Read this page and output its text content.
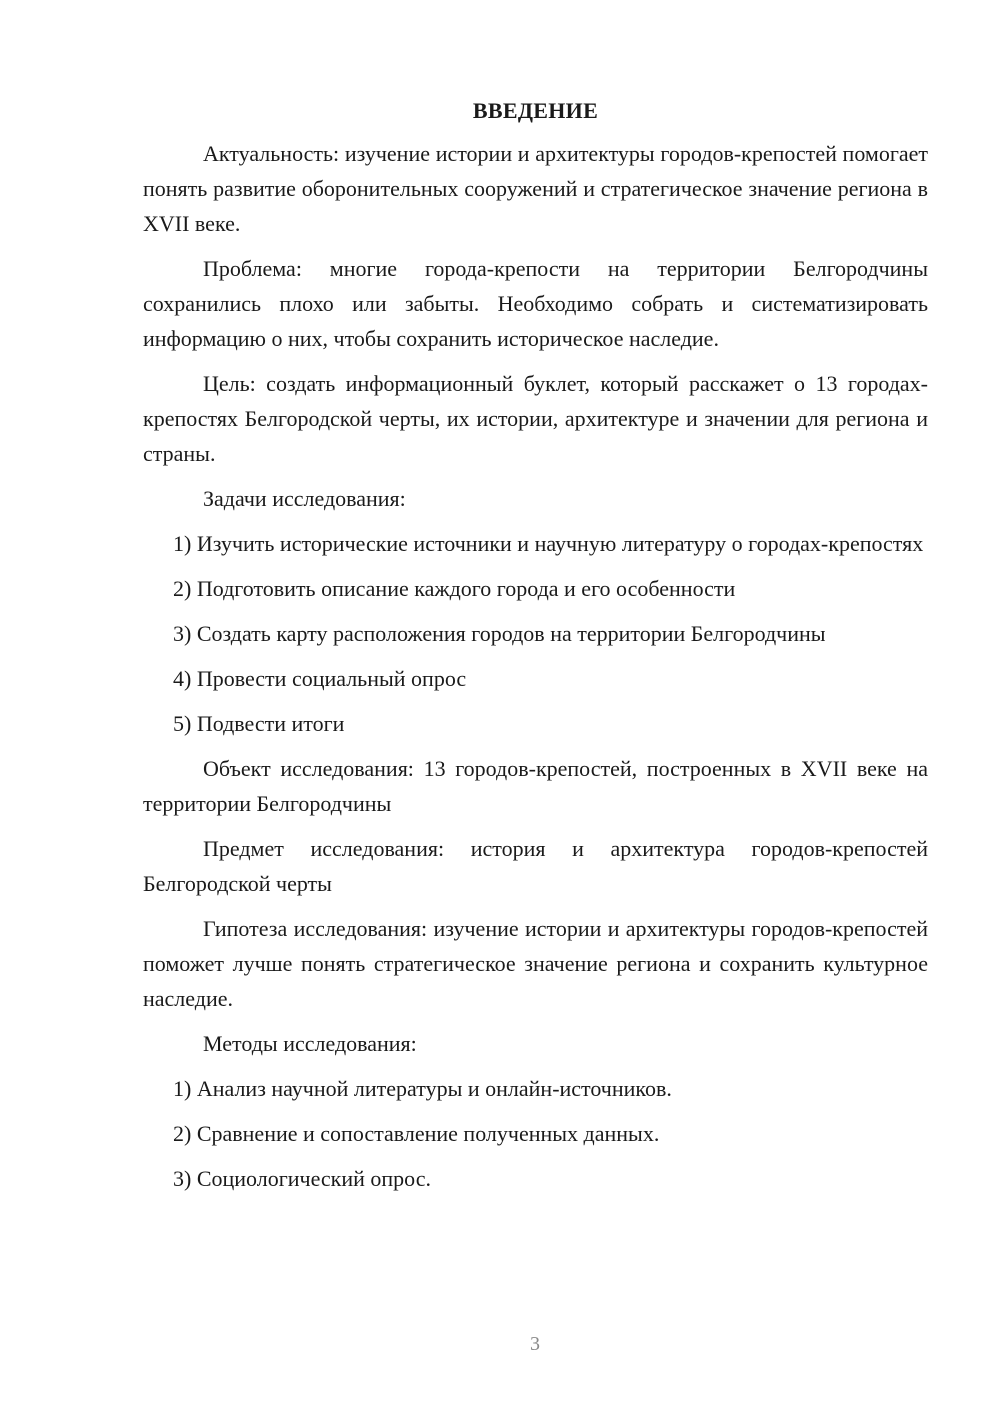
ВВЕДЕНИЕ
Актуальность: изучение истории и архитектуры городов-крепостей помогает понять развитие оборонительных сооружений и стратегическое значение региона в XVII веке.
Проблема: многие города-крепости на территории Белгородчины сохранились плохо или забыты. Необходимо собрать и систематизировать информацию о них, чтобы сохранить историческое наследие.
Цель: создать информационный буклет, который расскажет о 13 городах-крепостях Белгородской черты, их истории, архитектуре и значении для региона и страны.
Задачи исследования:
1) Изучить исторические источники и научную литературу о городах-крепостях
2) Подготовить описание каждого города и его особенности
3) Создать карту расположения городов на территории Белгородчины
4) Провести социальный опрос
5) Подвести итоги
Объект исследования: 13 городов-крепостей, построенных в XVII веке на территории Белгородчины
Предмет исследования: история и архитектура городов-крепостей Белгородской черты
Гипотеза исследования: изучение истории и архитектуры городов-крепостей поможет лучше понять стратегическое значение региона и сохранить культурное наследие.
Методы исследования:
1) Анализ научной литературы и онлайн-источников.
2) Сравнение и сопоставление полученных данных.
3) Социологический опрос.
3
